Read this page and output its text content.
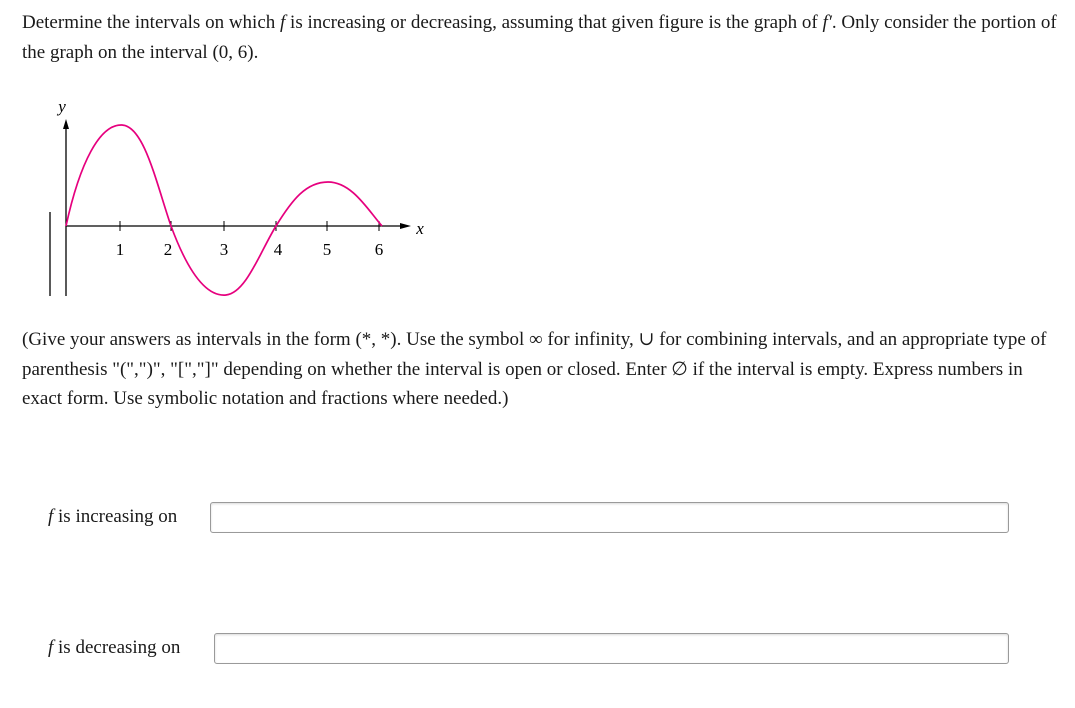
Determine the intervals on which f is increasing or decreasing, assuming that given figure is the graph of f′. Only consider the portion of the graph on the interval (0, 6).
y
x
1 2	3	4 5	6
(Give your answers as intervals in the form (*, *). Use the symbol ∞ for infinity, ∪ for combining intervals, and an appropriate type of parenthesis "(",")", "[","]" depending on whether the interval is open or closed. Enter ∅ if the interval is empty. Express numbers in exact form. Use symbolic notation and fractions where needed.)
f is increasing on
f is decreasing on
